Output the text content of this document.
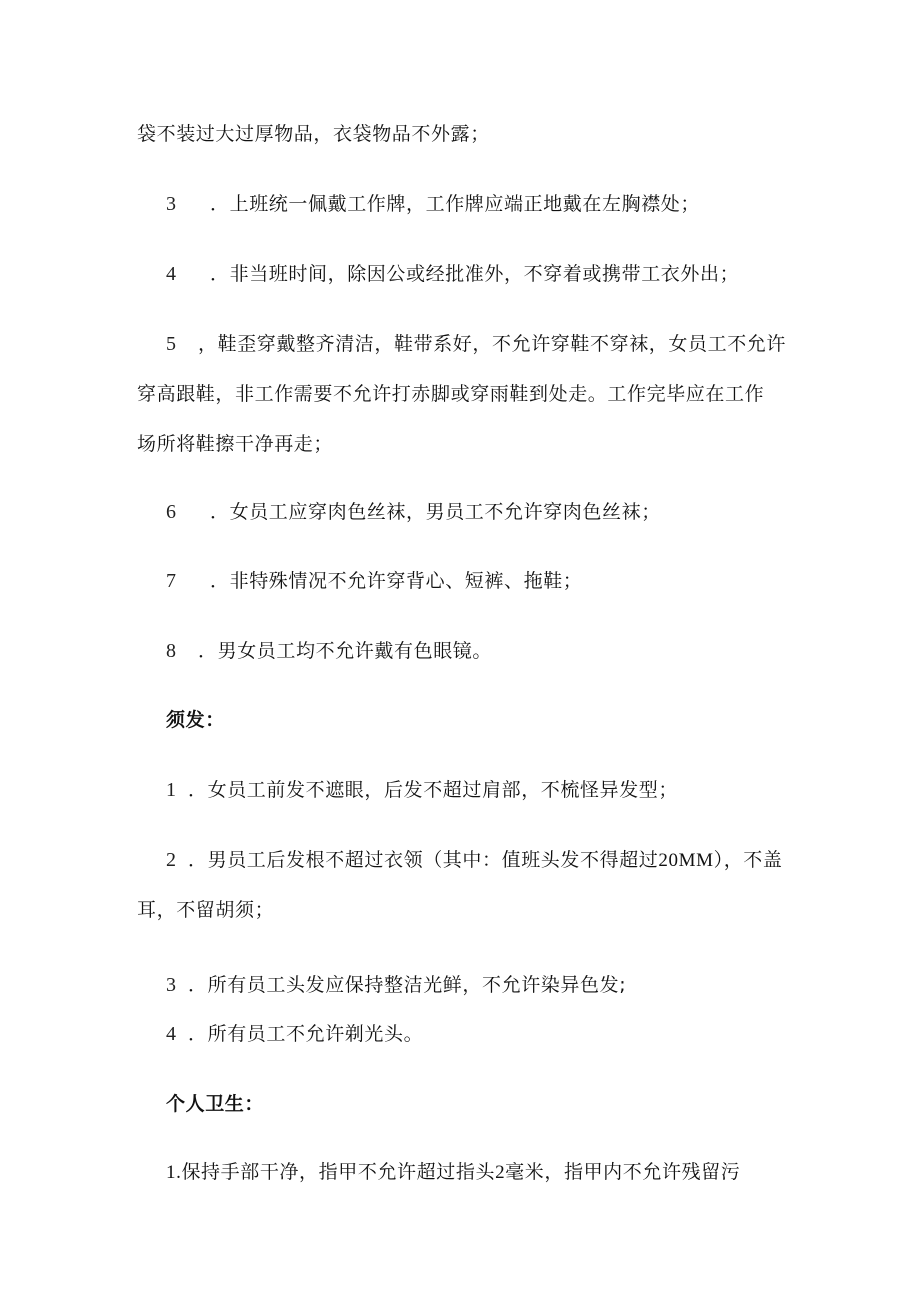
袋不装过大过厚物品，衣袋物品不外露；
3 ．上班统一佩戴工作牌，工作牌应端正地戴在左胸襟处；
4 ．非当班时间，除因公或经批准外，不穿着或携带工衣外出；
5 ，鞋歪穿戴整齐清洁，鞋带系好，不允许穿鞋不穿袜，女员工不允许
穿高跟鞋，非工作需要不允许打赤脚或穿雨鞋到处走。工作完毕应在工作
场所将鞋擦干净再走；
6 ．女员工应穿肉色丝袜，男员工不允许穿肉色丝袜；
7 ．非特殊情况不允许穿背心、短裤、拖鞋；
8 ．男女员工均不允许戴有色眼镜。
须发：
1 ．女员工前发不遮眼，后发不超过肩部，不梳怪异发型；
2 ．男员工后发根不超过衣领（其中：值班头发不得超过20MM），不盖
耳，不留胡须；
3 ．所有员工头发应保持整洁光鲜，不允许染异色发;
4 ．所有员工不允许剃光头。
个人卫生：
1.保持手部干净，指甲不允许超过指头2毫米，指甲内不允许残留污
